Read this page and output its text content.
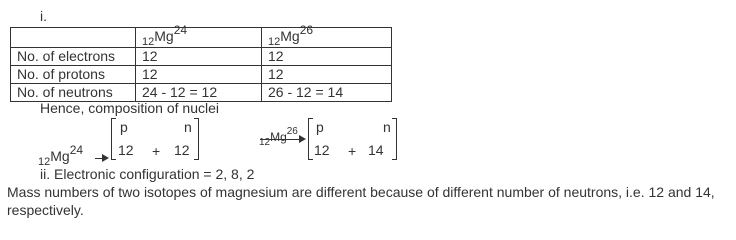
i.
	$_{12}$Mg24	$_{12}$Mg26
No. of electrons	12	12
No. of protons	12	12
No. of neutrons	24 - 12 = 12	26 - 12 = 14
Hence, composition of nuclei
$_{12}$Mg24
p	n
12 + 12	$_{12}Mg^{26}$ p	n
12 + 14
ii. Electronic configuration = 2, 8, 2
Mass numbers of two isotopes of magnesium are different because of different number of neutrons, i.e. 12 and 14,
respectively.
